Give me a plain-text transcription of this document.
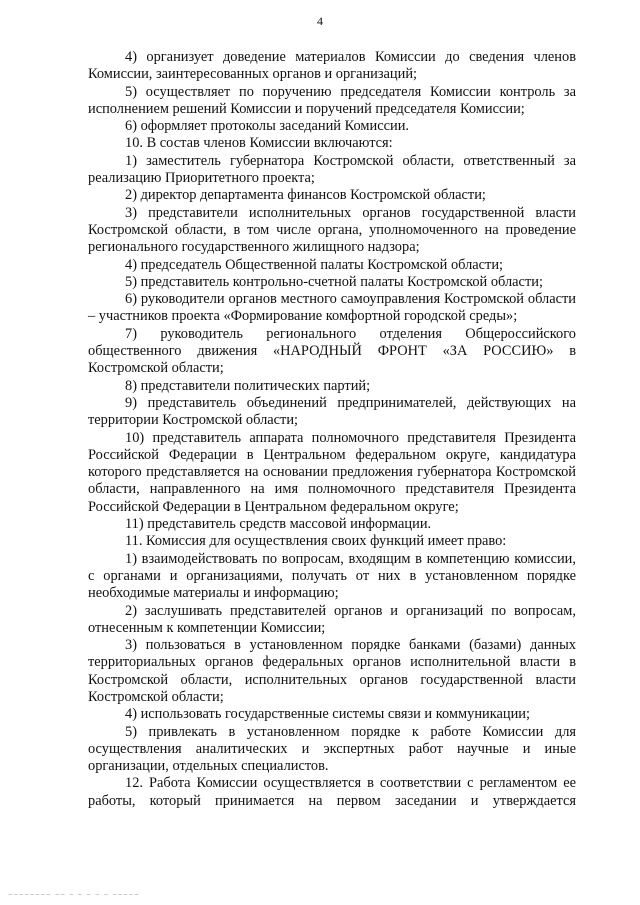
4

4) организует доведение материалов Комиссии до сведения членов Комиссии, заинтересованных органов и организаций;

5) осуществляет по поручению председателя Комиссии контроль за исполнением решений Комиссии и поручений председателя Комиссии;

6) оформляет протоколы заседаний Комиссии.

10. В состав членов Комиссии включаются:

1) заместитель губернатора Костромской области, ответственный за реализацию Приоритетного проекта;

2) директор департамента финансов Костромской области;

3) представители исполнительных органов государственной власти Костромской области, в том числе органа, уполномоченного на проведение регионального государственного жилищного надзора;

4) председатель Общественной палаты Костромской области;

5) представитель контрольно-счетной палаты Костромской области;

6) руководители органов местного самоуправления Костромской области – участников проекта «Формирование комфортной городской среды»;

7) руководитель регионального отделения Общероссийского общественного движения «НАРОДНЫЙ ФРОНТ «ЗА РОССИЮ» в Костромской области;

8) представители политических партий;

9) представитель объединений предпринимателей, действующих на территории Костромской области;

10) представитель аппарата полномочного представителя Президента Российской Федерации в Центральном федеральном округе, кандидатура которого представляется на основании предложения губернатора Костромской области, направленного на имя полномочного представителя Президента Российской Федерации в Центральном федеральном округе;

11) представитель средств массовой информации.

11. Комиссия для осуществления своих функций имеет право:

1) взаимодействовать по вопросам, входящим в компетенцию комиссии, с органами и организациями, получать от них в установленном порядке необходимые материалы и информацию;

2) заслушивать представителей органов и организаций по вопросам, отнесенным к компетенции Комиссии;

3) пользоваться в установленном порядке банками (базами) данных территориальных органов федеральных органов исполнительной власти в Костромской области, исполнительных органов государственной власти Костромской области;

4) использовать государственные системы связи и коммуникации;

5) привлекать в установленном порядке к работе Комиссии для осуществления аналитических и экспертных работ научные и иные организации, отдельных специалистов.

12. Работа Комиссии осуществляется в соответствии с регламентом ее работы, который принимается на первом заседании и утверждается

‒‒‒‒‒‒‒‒ ‒‒ ‒ ‒ ‒ ‒ ‒ ‒‒‒‒‒
